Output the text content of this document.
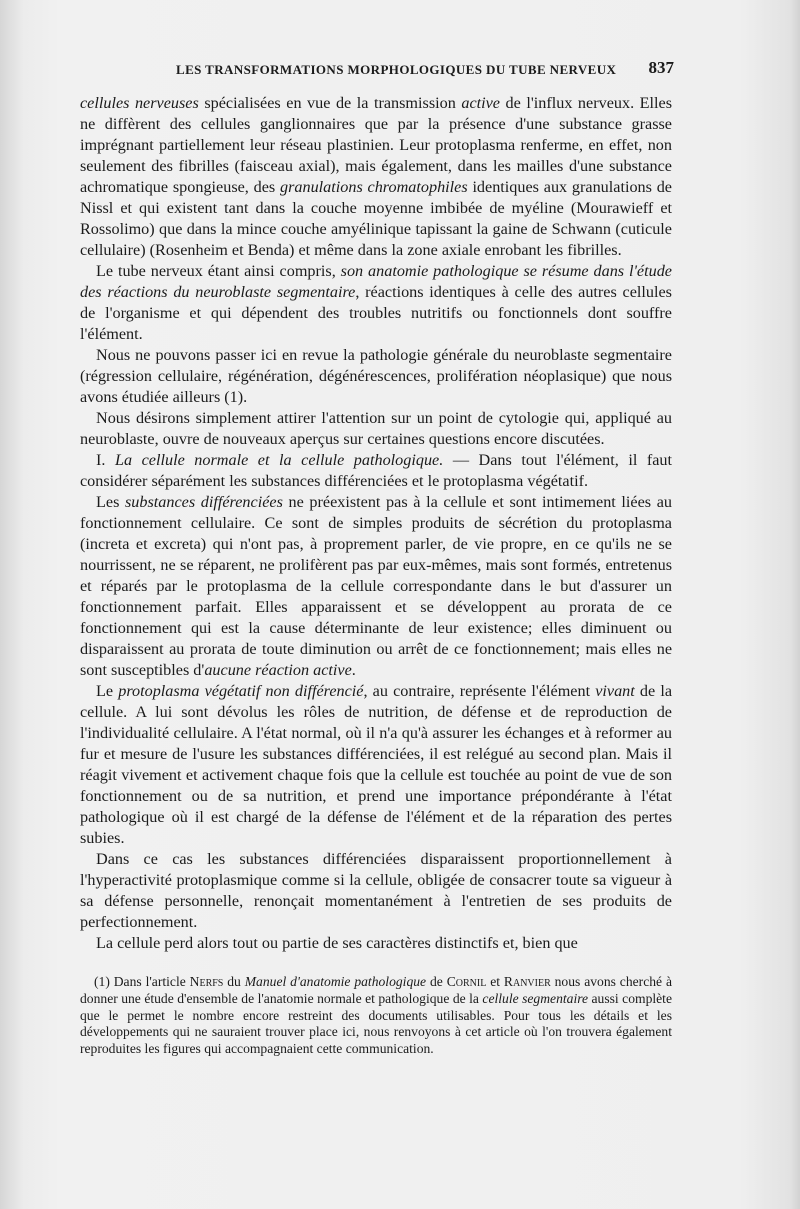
LES TRANSFORMATIONS MORPHOLOGIQUES DU TUBE NERVEUX 837

cellules nerveuses spécialisées en vue de la transmission active de l'influx nerveux. Elles ne diffèrent des cellules ganglionnaires que par la présence d'une substance grasse imprégnant partiellement leur réseau plastinien. Leur protoplasma renferme, en effet, non seulement des fibrilles (faisceau axial), mais également, dans les mailles d'une substance achromatique spongieuse, des granulations chromatophiles identiques aux granulations de Nissl et qui existent tant dans la couche moyenne imbibée de myéline (Mourawieff et Rossolimo) que dans la mince couche amyélinique tapissant la gaine de Schwann (cuticule cellulaire) (Rosenheim et Benda) et même dans la zone axiale enrobant les fibrilles.

Le tube nerveux étant ainsi compris, son anatomie pathologique se résume dans l'étude des réactions du neuroblaste segmentaire, réactions identiques à celle des autres cellules de l'organisme et qui dépendent des troubles nutritifs ou fonctionnels dont souffre l'élément.

Nous ne pouvons passer ici en revue la pathologie générale du neuroblaste segmentaire (régression cellulaire, régénération, dégénérescences, prolifération néoplasique) que nous avons étudiée ailleurs (1).

Nous désirons simplement attirer l'attention sur un point de cytologie qui, appliqué au neuroblaste, ouvre de nouveaux aperçus sur certaines questions encore discutées.

I. La cellule normale et la cellule pathologique. — Dans tout l'élément, il faut considérer séparément les substances différenciées et le protoplasma végétatif.

Les substances différenciées ne préexistent pas à la cellule et sont intimement liées au fonctionnement cellulaire. Ce sont de simples produits de sécrétion du protoplasma (increta et excreta) qui n'ont pas, à proprement parler, de vie propre, en ce qu'ils ne se nourrissent, ne se réparent, ne prolifèrent pas par eux-mêmes, mais sont formés, entretenus et réparés par le protoplasma de la cellule correspondante dans le but d'assurer un fonctionnement parfait. Elles apparaissent et se développent au prorata de ce fonctionnement qui est la cause déterminante de leur existence; elles diminuent ou disparaissent au prorata de toute diminution ou arrêt de ce fonctionnement; mais elles ne sont susceptibles d'aucune réaction active.

Le protoplasma végétatif non différencié, au contraire, représente l'élément vivant de la cellule. A lui sont dévolus les rôles de nutrition, de défense et de reproduction de l'individualité cellulaire. A l'état normal, où il n'a qu'à assurer les échanges et à reformer au fur et mesure de l'usure les substances différenciées, il est relégué au second plan. Mais il réagit vivement et activement chaque fois que la cellule est touchée au point de vue de son fonctionnement ou de sa nutrition, et prend une importance prépondérante à l'état pathologique où il est chargé de la défense de l'élément et de la réparation des pertes subies.

Dans ce cas les substances différenciées disparaissent proportionnellement à l'hyperactivité protoplasmique comme si la cellule, obligée de consacrer toute sa vigueur à sa défense personnelle, renonçait momentanément à l'entretien de ses produits de perfectionnement.

La cellule perd alors tout ou partie de ses caractères distinctifs et, bien que

(1) Dans l'article Nerfs du Manuel d'anatomie pathologique de Cornil et Ranvier nous avons cherché à donner une étude d'ensemble de l'anatomie normale et pathologique de la cellule segmentaire aussi complète que le permet le nombre encore restreint des documents utilisables. Pour tous les détails et les développements qui ne sauraient trouver place ici, nous renvoyons à cet article où l'on trouvera également reproduites les figures qui accompagnaient cette communication.
